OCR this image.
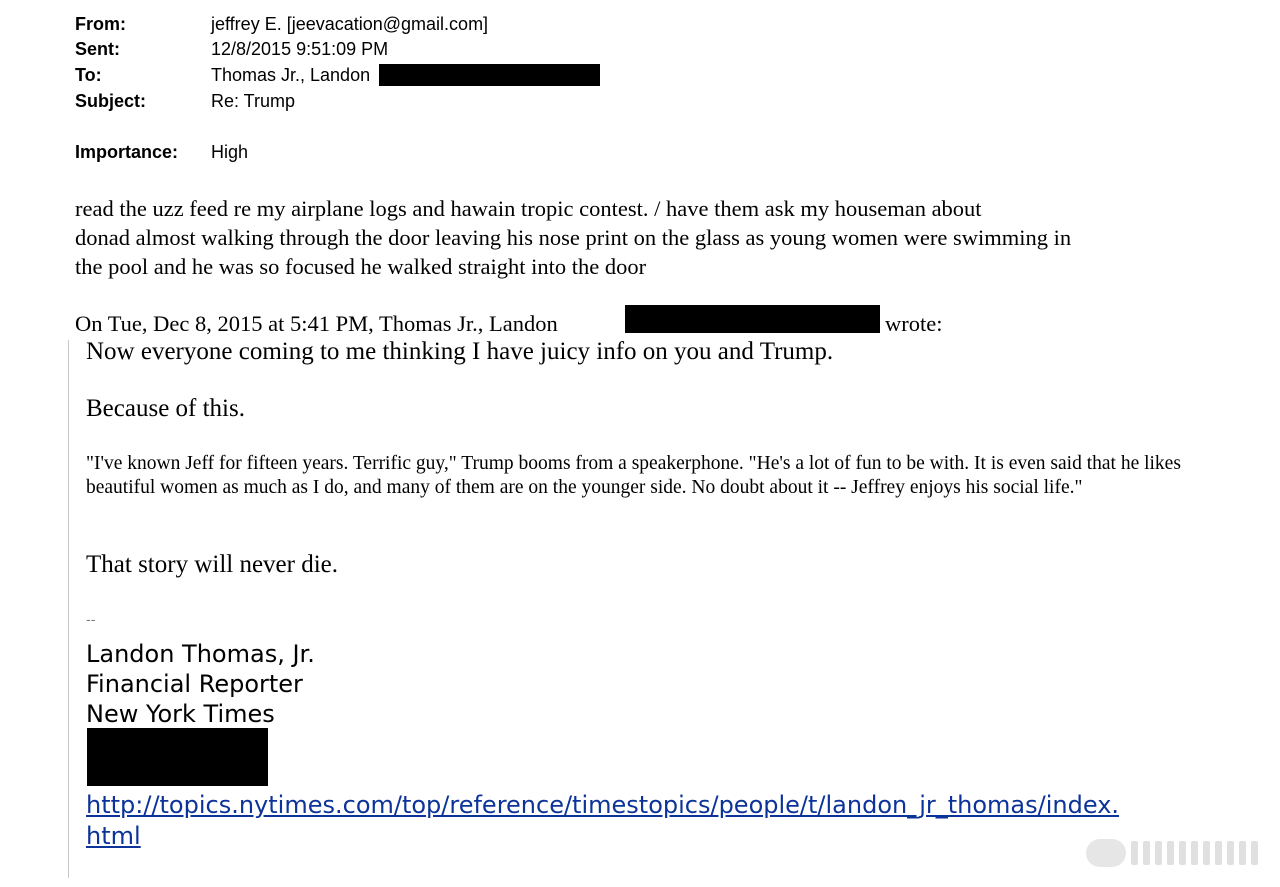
From:	jeffrey E. [jeevacation@gmail.com]
Sent:	12/8/2015 9:51:09 PM
To:	Thomas Jr., Landon
Subject:	Re: Trump
Importance: High

read the uzz feed re my airplane logs and hawain tropic contest. / have them ask my houseman about

donad almost walking through the door leaving his nose print on the glass as young women were swimming in

the pool and he was so focused he walked straight into the door

On Tue, Dec 8, 2015 at 5:41 PM, Thomas Jr., Landon	wrote:
Now everyone coming to me thinking I have juicy info on you and Trump.
Because of this.
"I've known Jeff for fifteen years. Terrific guy," Trump booms from a speakerphone. "He's a lot of fun to be with. It is even said that he likes beautiful women as much as I do, and many of them are on the younger side. No doubt about it -- Jeffrey enjoys his social life."
That story will never die.
--
Landon Thomas, Jr.
Financial Reporter
New York Times
http://topics.nytimes.com/top/reference/timestopics/people/t/landon_jr_thomas/index.
html
